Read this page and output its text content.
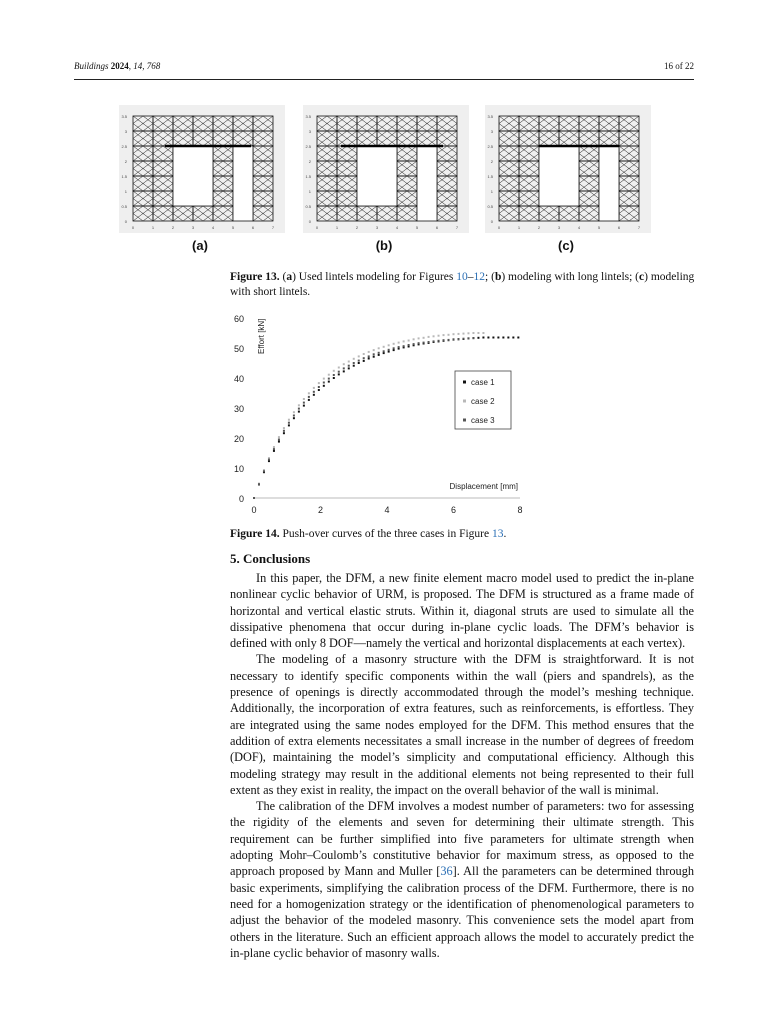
Buildings 2024, 14, 768	16 of 22
3.5
3
2.5
2
1.5
1
0.5
0
0	1	2	3	4	5	6	7
(a)
3.5
3
2.5
2
1.5
1
0.5
0
0	1	2	3	4	5	6	7
(b)
3.5
3
2.5
2
1.5
1
0.5
0
0	1	2	3	4	5	6	7
(c)
Figure 13. (a) Used lintels modeling for Figures 10–12; (b) modeling with long lintels; (c) modeling with short lintels.
0
10
20
30
40
50
60
0	2	4	6	8
Effort [kN]
Displacement [mm]
case 1
case 2
case 3
Figure 14. Push-over curves of the three cases in Figure 13.
5. Conclusions

In this paper, the DFM, a new finite element macro model used to predict the in-plane nonlinear cyclic behavior of URM, is proposed. The DFM is structured as a frame made of horizontal and vertical elastic struts. Within it, diagonal struts are used to simulate all the dissipative phenomena that occur during in-plane cyclic loads. The DFM’s behavior is defined with only 8 DOF—namely the vertical and horizontal displacements at each vertex).

The modeling of a masonry structure with the DFM is straightforward. It is not necessary to identify specific components within the wall (piers and spandrels), as the presence of openings is directly accommodated through the model’s meshing technique. Additionally, the incorporation of extra features, such as reinforcements, is effortless. They are integrated using the same nodes employed for the DFM. This method ensures that the addition of extra elements necessitates a small increase in the number of degrees of freedom (DOF), maintaining the model’s simplicity and computational efficiency. Although this modeling strategy may result in the additional elements not being represented to their full extent as they exist in reality, the impact on the overall behavior of the wall is minimal.

The calibration of the DFM involves a modest number of parameters: two for assessing the rigidity of the elements and seven for determining their ultimate strength. This requirement can be further simplified into five parameters for ultimate strength when adopting Mohr–Coulomb’s constitutive behavior for maximum stress, as opposed to the approach proposed by Mann and Muller [36]. All the parameters can be determined through basic experiments, simplifying the calibration process of the DFM. Furthermore, there is no need for a homogenization strategy or the identification of phenomenological parameters to adjust the behavior of the modeled masonry. This convenience sets the model apart from others in the literature. Such an efficient approach allows the model to accurately predict the in-plane cyclic behavior of masonry walls.
